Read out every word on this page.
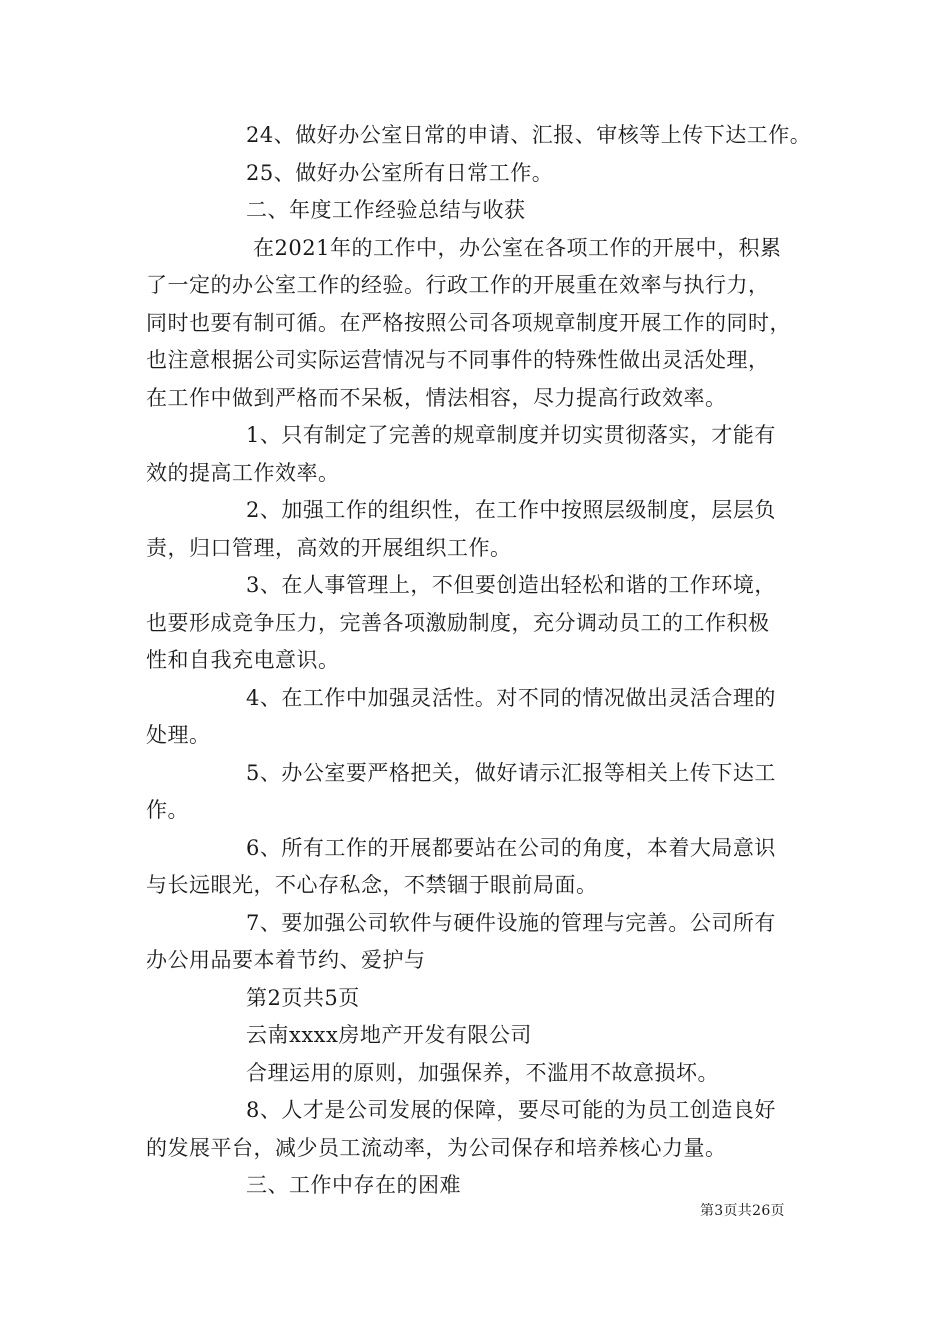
24、做好办公室日常的申请、汇报、审核等上传下达工作。
25、做好办公室所有日常工作。
二、年度工作经验总结与收获
在2021年的工作中，办公室在各项工作的开展中，积累
了一定的办公室工作的经验。行政工作的开展重在效率与执行力，
同时也要有制可循。在严格按照公司各项规章制度开展工作的同时，
也注意根据公司实际运营情况与不同事件的特殊性做出灵活处理，
在工作中做到严格而不呆板，情法相容，尽力提高行政效率。
1、只有制定了完善的规章制度并切实贯彻落实，才能有
效的提高工作效率。
2、加强工作的组织性，在工作中按照层级制度，层层负
责，归口管理，高效的开展组织工作。
3、在人事管理上，不但要创造出轻松和谐的工作环境，
也要形成竞争压力，完善各项激励制度，充分调动员工的工作积极
性和自我充电意识。
4、在工作中加强灵活性。对不同的情况做出灵活合理的
处理。
5、办公室要严格把关，做好请示汇报等相关上传下达工
作。
6、所有工作的开展都要站在公司的角度，本着大局意识
与长远眼光，不心存私念，不禁锢于眼前局面。
7、要加强公司软件与硬件设施的管理与完善。公司所有
办公用品要本着节约、爱护与
第2页共5页
云南xxxx房地产开发有限公司
合理运用的原则，加强保养，不滥用不故意损坏。
8、人才是公司发展的保障，要尽可能的为员工创造良好
的发展平台，减少员工流动率，为公司保存和培养核心力量。
三、工作中存在的困难
第3页共26页
